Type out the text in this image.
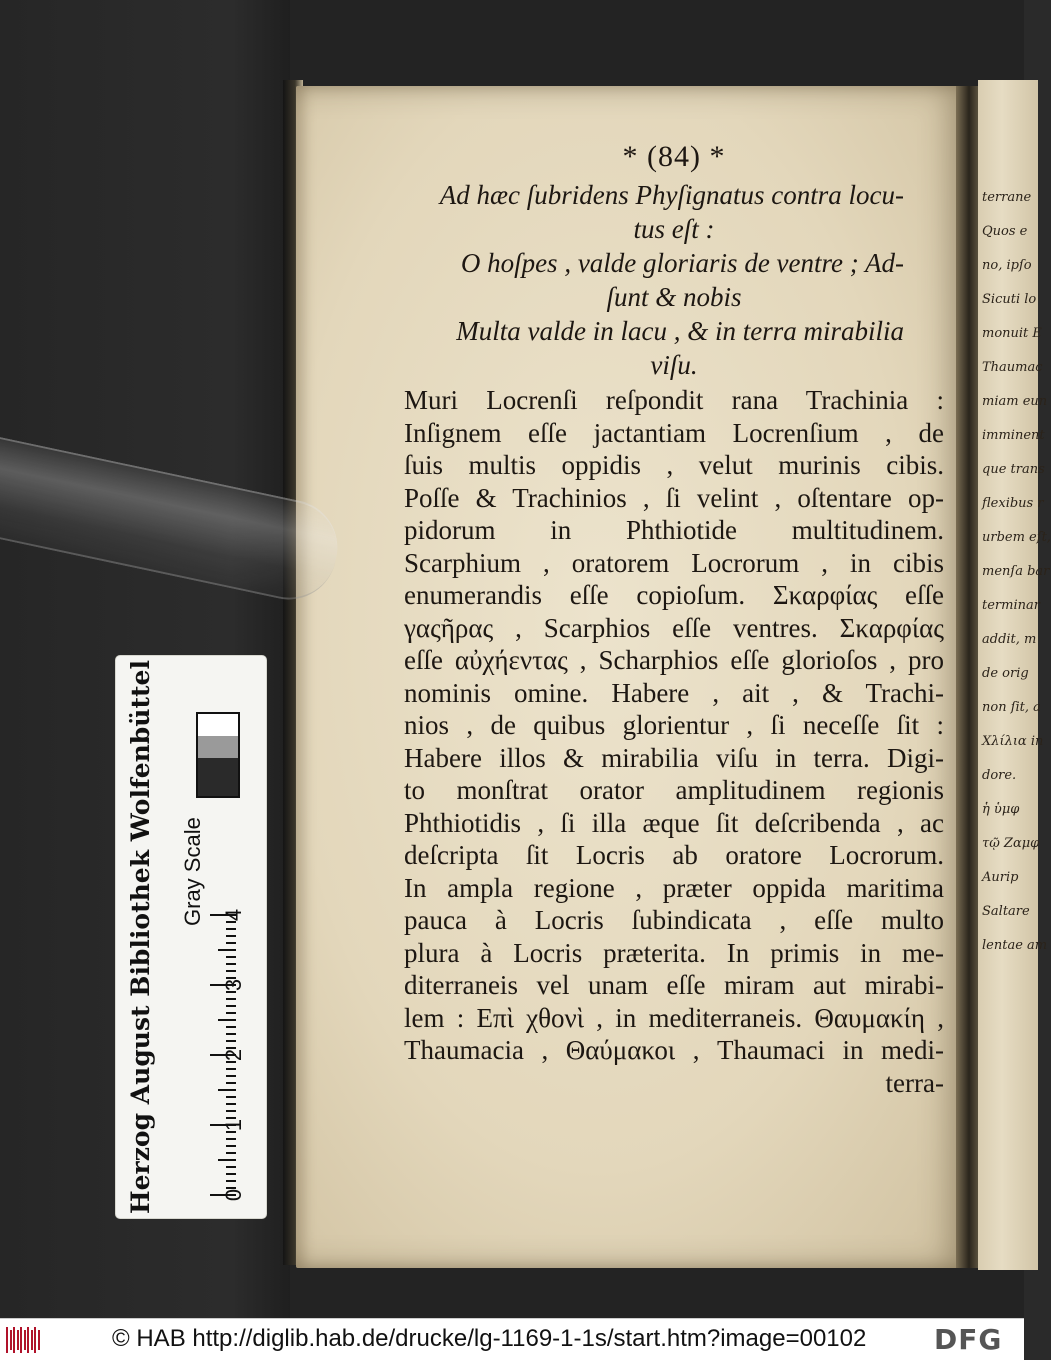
terrane
Quos e
no, ipſo
Sicuti lo
monuit E
Thaumac
miam eun
imminent
que trans
flexibus r
urbem eſt,
menſa bar
terminar
addit, m
de orig
non ſit, a
Xλίλια in
dore.
ἡ ὑμφ
τῷ Ζαμφ
Aurip
Saltare
lentae am
* (84) *
Ad hæc ſubridens Phyſignatus contra locu-
tus eſt :
O hoſpes , valde gloriaris de ventre ; Ad-
ſunt & nobis
Multa valde in lacu , & in terra mirabilia
viſu.
Muri Locrenſi reſpondit rana Trachinia :
Inſignem eſſe jactantiam Locrenſium , de
ſuis multis oppidis , velut murinis cibis.
Poſſe & Trachinios , ſi velint , oſtentare op-
pidorum in Phthiotide multitudinem.
Scarphium , oratorem Locrorum , in cibis
enumerandis eſſe copioſum. Σκαρφίας eſſe
γαςῆρας , Scarphios eſſe ventres. Σκαρφίας
eſſe αὐχήεντας , Scharphios eſſe glorioſos , pro
nominis omine. Habere , ait , & Trachi-
nios , de quibus glorientur , ſi neceſſe ſit :
Habere illos & mirabilia viſu in terra. Digi-
to monſtrat orator amplitudinem regionis
Phthiotidis , ſi illa æque ſit deſcribenda , ac
deſcripta ſit Locris ab oratore Locrorum.
In ampla regione , præter oppida maritima
pauca à Locris ſubindicata , eſſe multo
plura à Locris præterita. In primis in me-
diterraneis vel unam eſſe miram aut mirabi-
lem : Επὶ χθονὶ , in mediterraneis. Θαυμακίη ,
Thaumacia , Θαύμακοι , Thaumaci in medi-
terra-
Herzog August Bibliothek Wolfenbüttel	Gray Scale
0
1
2
3
4
© HAB http://diglib.hab.de/drucke/lg-1169-1-1s/start.htm?image=00102 DFG
